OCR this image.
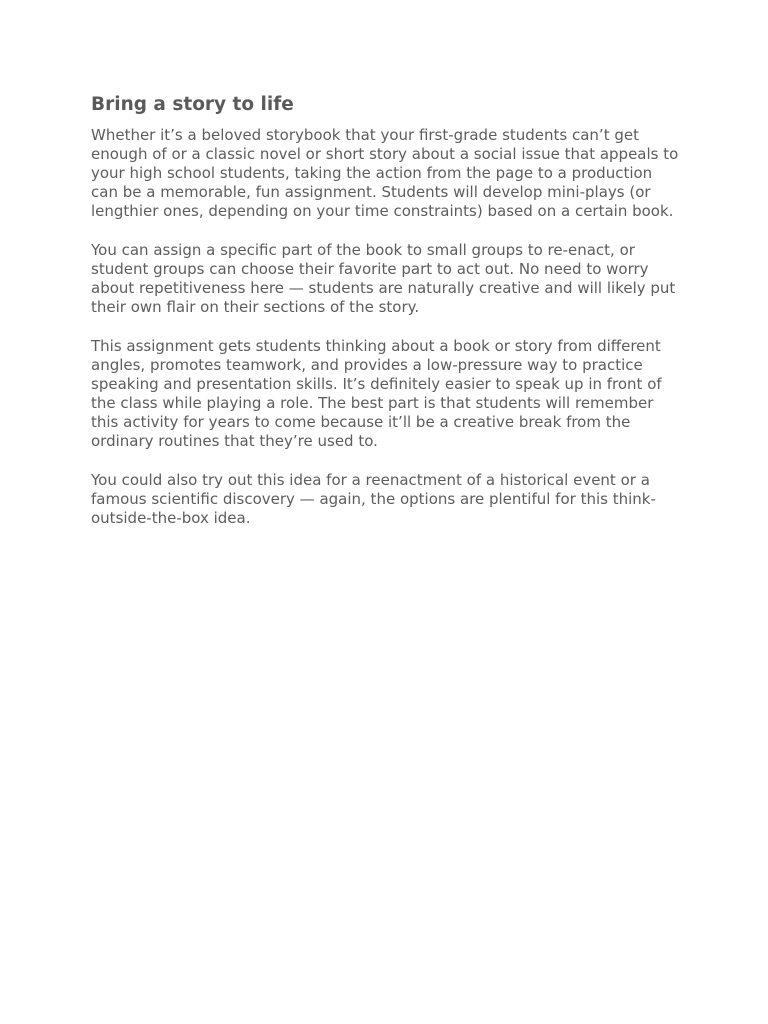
Bring a story to life

Whether it’s a beloved storybook that your first-grade students can’t get enough of or a classic novel or short story about a social issue that appeals to your high school students, taking the action from the page to a production can be a memorable, fun assignment. Students will develop mini-plays (or lengthier ones, depending on your time constraints) based on a certain book.

You can assign a specific part of the book to small groups to re-enact, or student groups can choose their favorite part to act out. No need to worry about repetitiveness here — students are naturally creative and will likely put their own flair on their sections of the story.

This assignment gets students thinking about a book or story from different angles, promotes teamwork, and provides a low-pressure way to practice speaking and presentation skills. It’s definitely easier to speak up in front of the class while playing a role. The best part is that students will remember this activity for years to come because it’ll be a creative break from the ordinary routines that they’re used to.

You could also try out this idea for a reenactment of a historical event or a famous scientific discovery — again, the options are plentiful for this think-outside-the-box idea.
